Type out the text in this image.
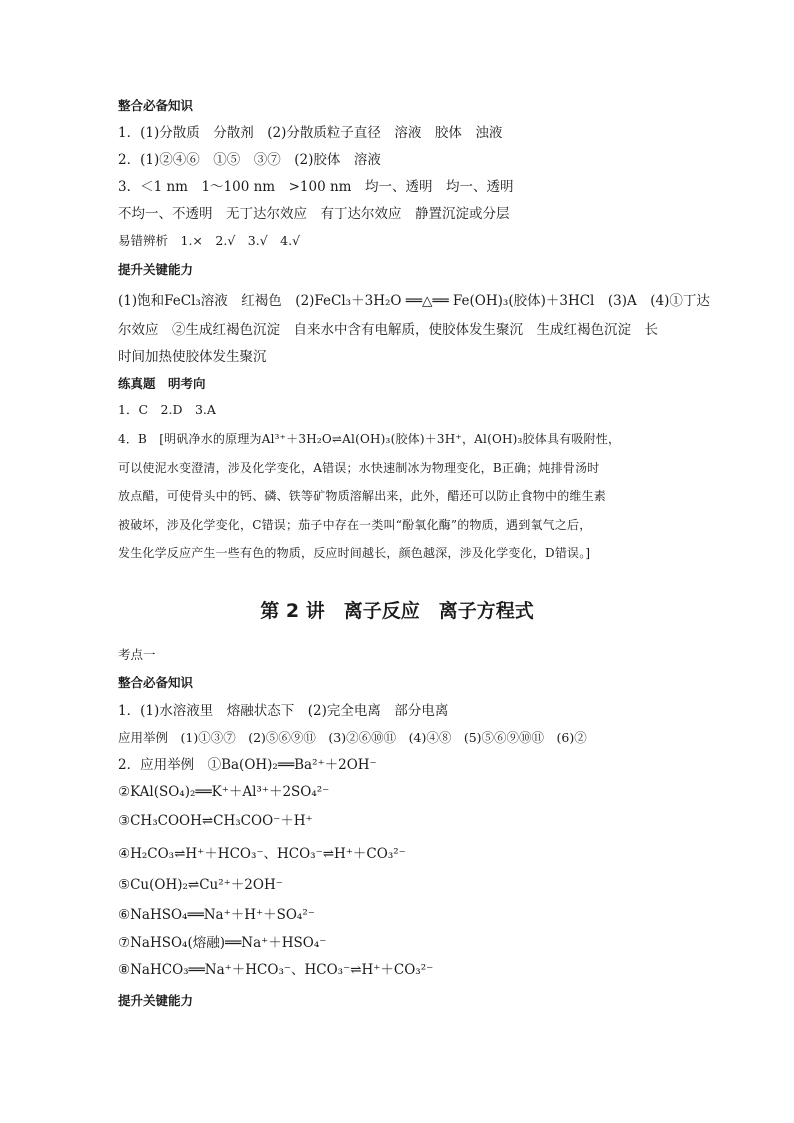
整合必备知识
1．(1)分散质　分散剂　(2)分散质粒子直径　溶液　胶体　浊液
2．(1)②④⑥　①⑤　③⑦　(2)胶体　溶液
3．＜1 nm　1～100 nm　>100 nm　均一、透明　均一、透明
不均一、不透明　无丁达尔效应　有丁达尔效应　静置沉淀或分层
易错辨析　1.×　2.√　3.√　4.√
提升关键能力
(1)饱和FeCl₃溶液　红褐色　(2)FeCl₃＋3H₂O ══△══ Fe(OH)₃(胶体)＋3HCl　(3)A　(4)①丁达
尔效应　②生成红褐色沉淀　自来水中含有电解质，使胶体发生聚沉　生成红褐色沉淀　长
时间加热使胶体发生聚沉
练真题　明考向
1．C　2.D　3.A
4．B　[明矾净水的原理为Al³⁺＋3H₂O⇌Al(OH)₃(胶体)＋3H⁺，Al(OH)₃胶体具有吸附性，
可以使泥水变澄清，涉及化学变化，A错误；水快速制冰为物理变化，B正确；炖排骨汤时
放点醋，可使骨头中的钙、磷、铁等矿物质溶解出来，此外，醋还可以防止食物中的维生素
被破坏，涉及化学变化，C错误；茄子中存在一类叫“酚氧化酶”的物质，遇到氧气之后，
发生化学反应产生一些有色的物质，反应时间越长，颜色越深，涉及化学变化，D错误。]
第 2 讲　离子反应　离子方程式
考点一
整合必备知识
1．(1)水溶液里　熔融状态下　(2)完全电离　部分电离
应用举例　(1)①③⑦　(2)⑤⑥⑨⑪　(3)②⑥⑩⑪　(4)④⑧　(5)⑤⑥⑨⑩⑪　(6)②
2．应用举例　①Ba(OH)₂══Ba²⁺＋2OH⁻
②KAl(SO₄)₂══K⁺＋Al³⁺＋2SO₄²⁻
③CH₃COOH⇌CH₃COO⁻＋H⁺
④H₂CO₃⇌H⁺＋HCO₃⁻、HCO₃⁻⇌H⁺＋CO₃²⁻
⑤Cu(OH)₂⇌Cu²⁺＋2OH⁻
⑥NaHSO₄══Na⁺＋H⁺＋SO₄²⁻
⑦NaHSO₄(熔融)══Na⁺＋HSO₄⁻
⑧NaHCO₃══Na⁺＋HCO₃⁻、HCO₃⁻⇌H⁺＋CO₃²⁻
提升关键能力
